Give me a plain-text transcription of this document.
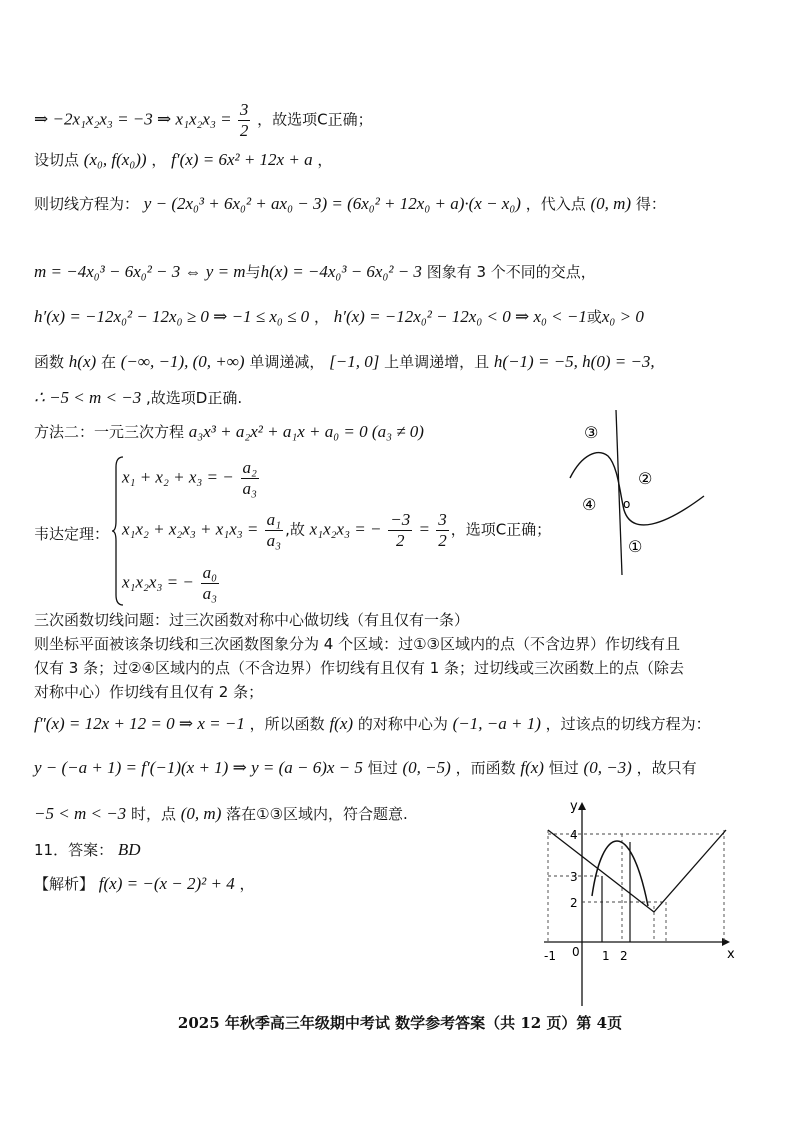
⇒ −2x₁x₂x₃ = −3 ⇒ $x_1x_2x_3 = \frac{3}{2}$ ，故选项C正确；
设切点 (x₀, f(x₀)) ， f′(x) = 6x² + 12x + a ，
则切线方程为： y − (2x₀³ + 6x₀² + ax₀ − 3) = (6x₀² + 12x₀ + a)·(x − x₀) ，代入点 (0, m) 得：
m = −4x₀³ − 6x₀² − 3 ⇔ y = m与h(x) = −4x₀³ − 6x₀² − 3 图象有 3 个不同的交点，
h′(x) = −12x₀² − 12x₀ ≥ 0 ⇒ −1 ≤ x₀ ≤ 0 ， h′(x) = −12x₀² − 12x₀ < 0 ⇒ x₀ < −1或x₀ > 0
函数 h(x) 在 (−∞, −1), (0, +∞) 单调递减， [−1, 0] 上单调递增，且 h(−1) = −5, h(0) = −3,
∴ −5 < m < −3 ,故选项D正确.
方法二：一元三次方程 a₃x³ + a₂x² + a₁x + a₀ = 0 (a₃ ≠ 0)
韦达定理：
x₁ + x₂ + x₃ = − $\frac{\text{a₂}}{\text{a₃}}$
$x_1x_2 + x_2x_3 + x_1x_3 = \frac{\text{a₁}}{\text{a₃}}$ ,故 x₁x₂x₃ = − $\frac{-3}{2} = \frac{3}{2}$ ，选项C正确；
x₁x₂x₃ = − $\frac{\text{a₀}}{\text{a₃}}$
③
②
④ o
①
三次函数切线问题：过三次函数对称中心做切线（有且仅有一条）
则坐标平面被该条切线和三次函数图象分为 4 个区域：过①③区域内的点（不含边界）作切线有且
仅有 3 条；过②④区域内的点（不含边界）作切线有且仅有 1 条；过切线或三次函数上的点（除去
对称中心）作切线有且仅有 2 条；
f″(x) = 12x + 12 = 0 ⇒ x = −1 ，所以函数 f(x) 的对称中心为 (−1, −a + 1) ，过该点的切线方程为：
y − (−a + 1) = f′(−1)(x + 1) ⇒ y = (a − 6)x − 5 恒过 (0, −5) ，而函数 f(x) 恒过 (0, −3) ，故只有
−5 < m < −3 时，点 (0, m) 落在①③区域内，符合题意.
11．答案： BD
【解析】 f(x) = −(x − 2)² + 4 ，
y
x
4
3
2
-1 0 1 2
2025 年秋季高三年级期中考试 数学参考答案（共 12 页）第 4页
